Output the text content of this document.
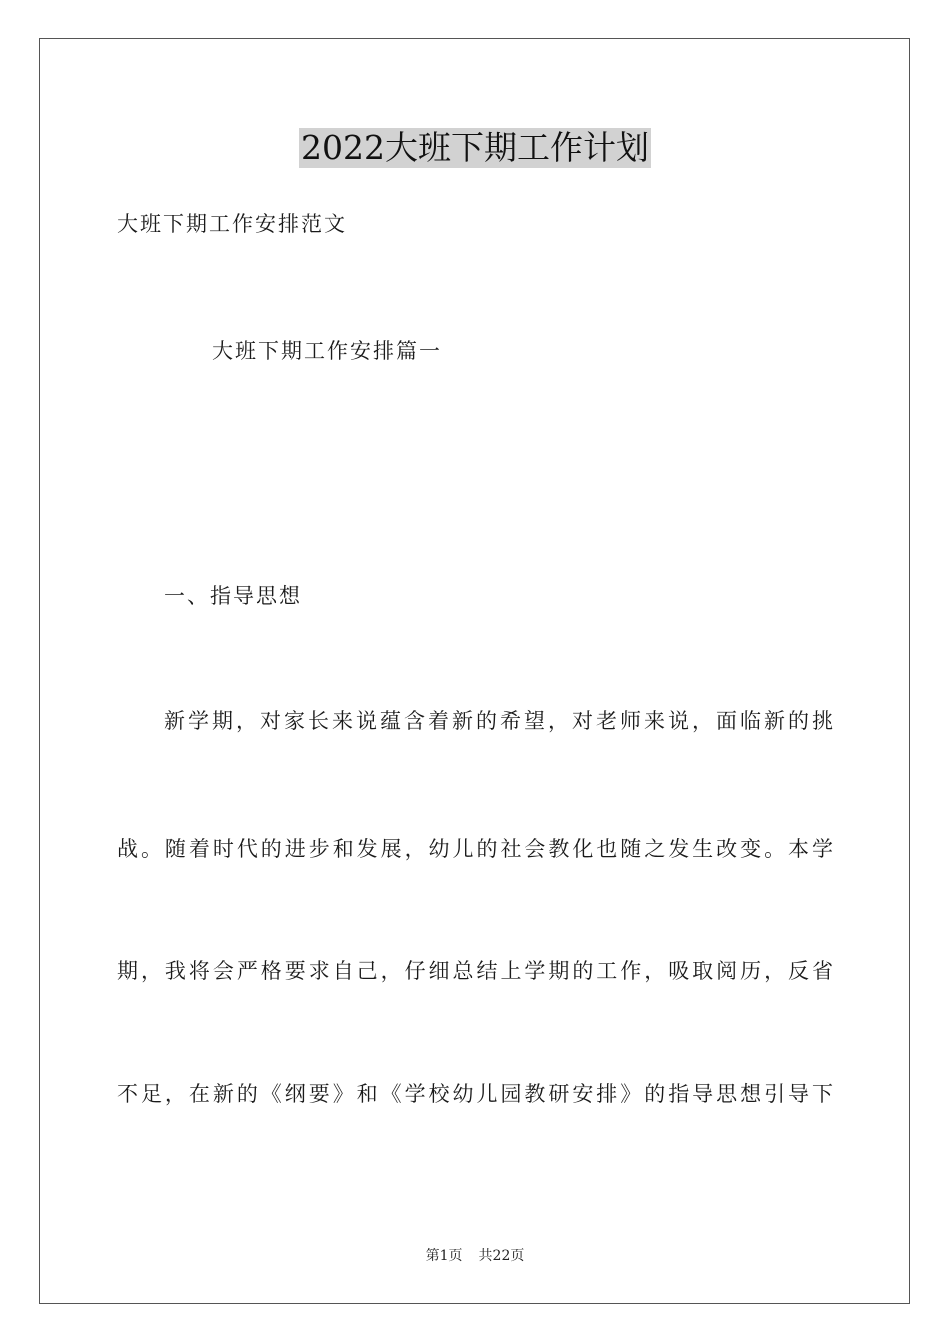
2022大班下期工作计划
大班下期工作安排范文
大班下期工作安排篇一
一、指导思想
新学期，对家长来说蕴含着新的希望，对老师来说，面临新的挑
战。随着时代的进步和发展，幼儿的社会教化也随之发生改变。本学
期，我将会严格要求自己，仔细总结上学期的工作，吸取阅历，反省
不足，在新的《纲要》和《学校幼儿园教研安排》的指导思想引导下
第1页 共22页
